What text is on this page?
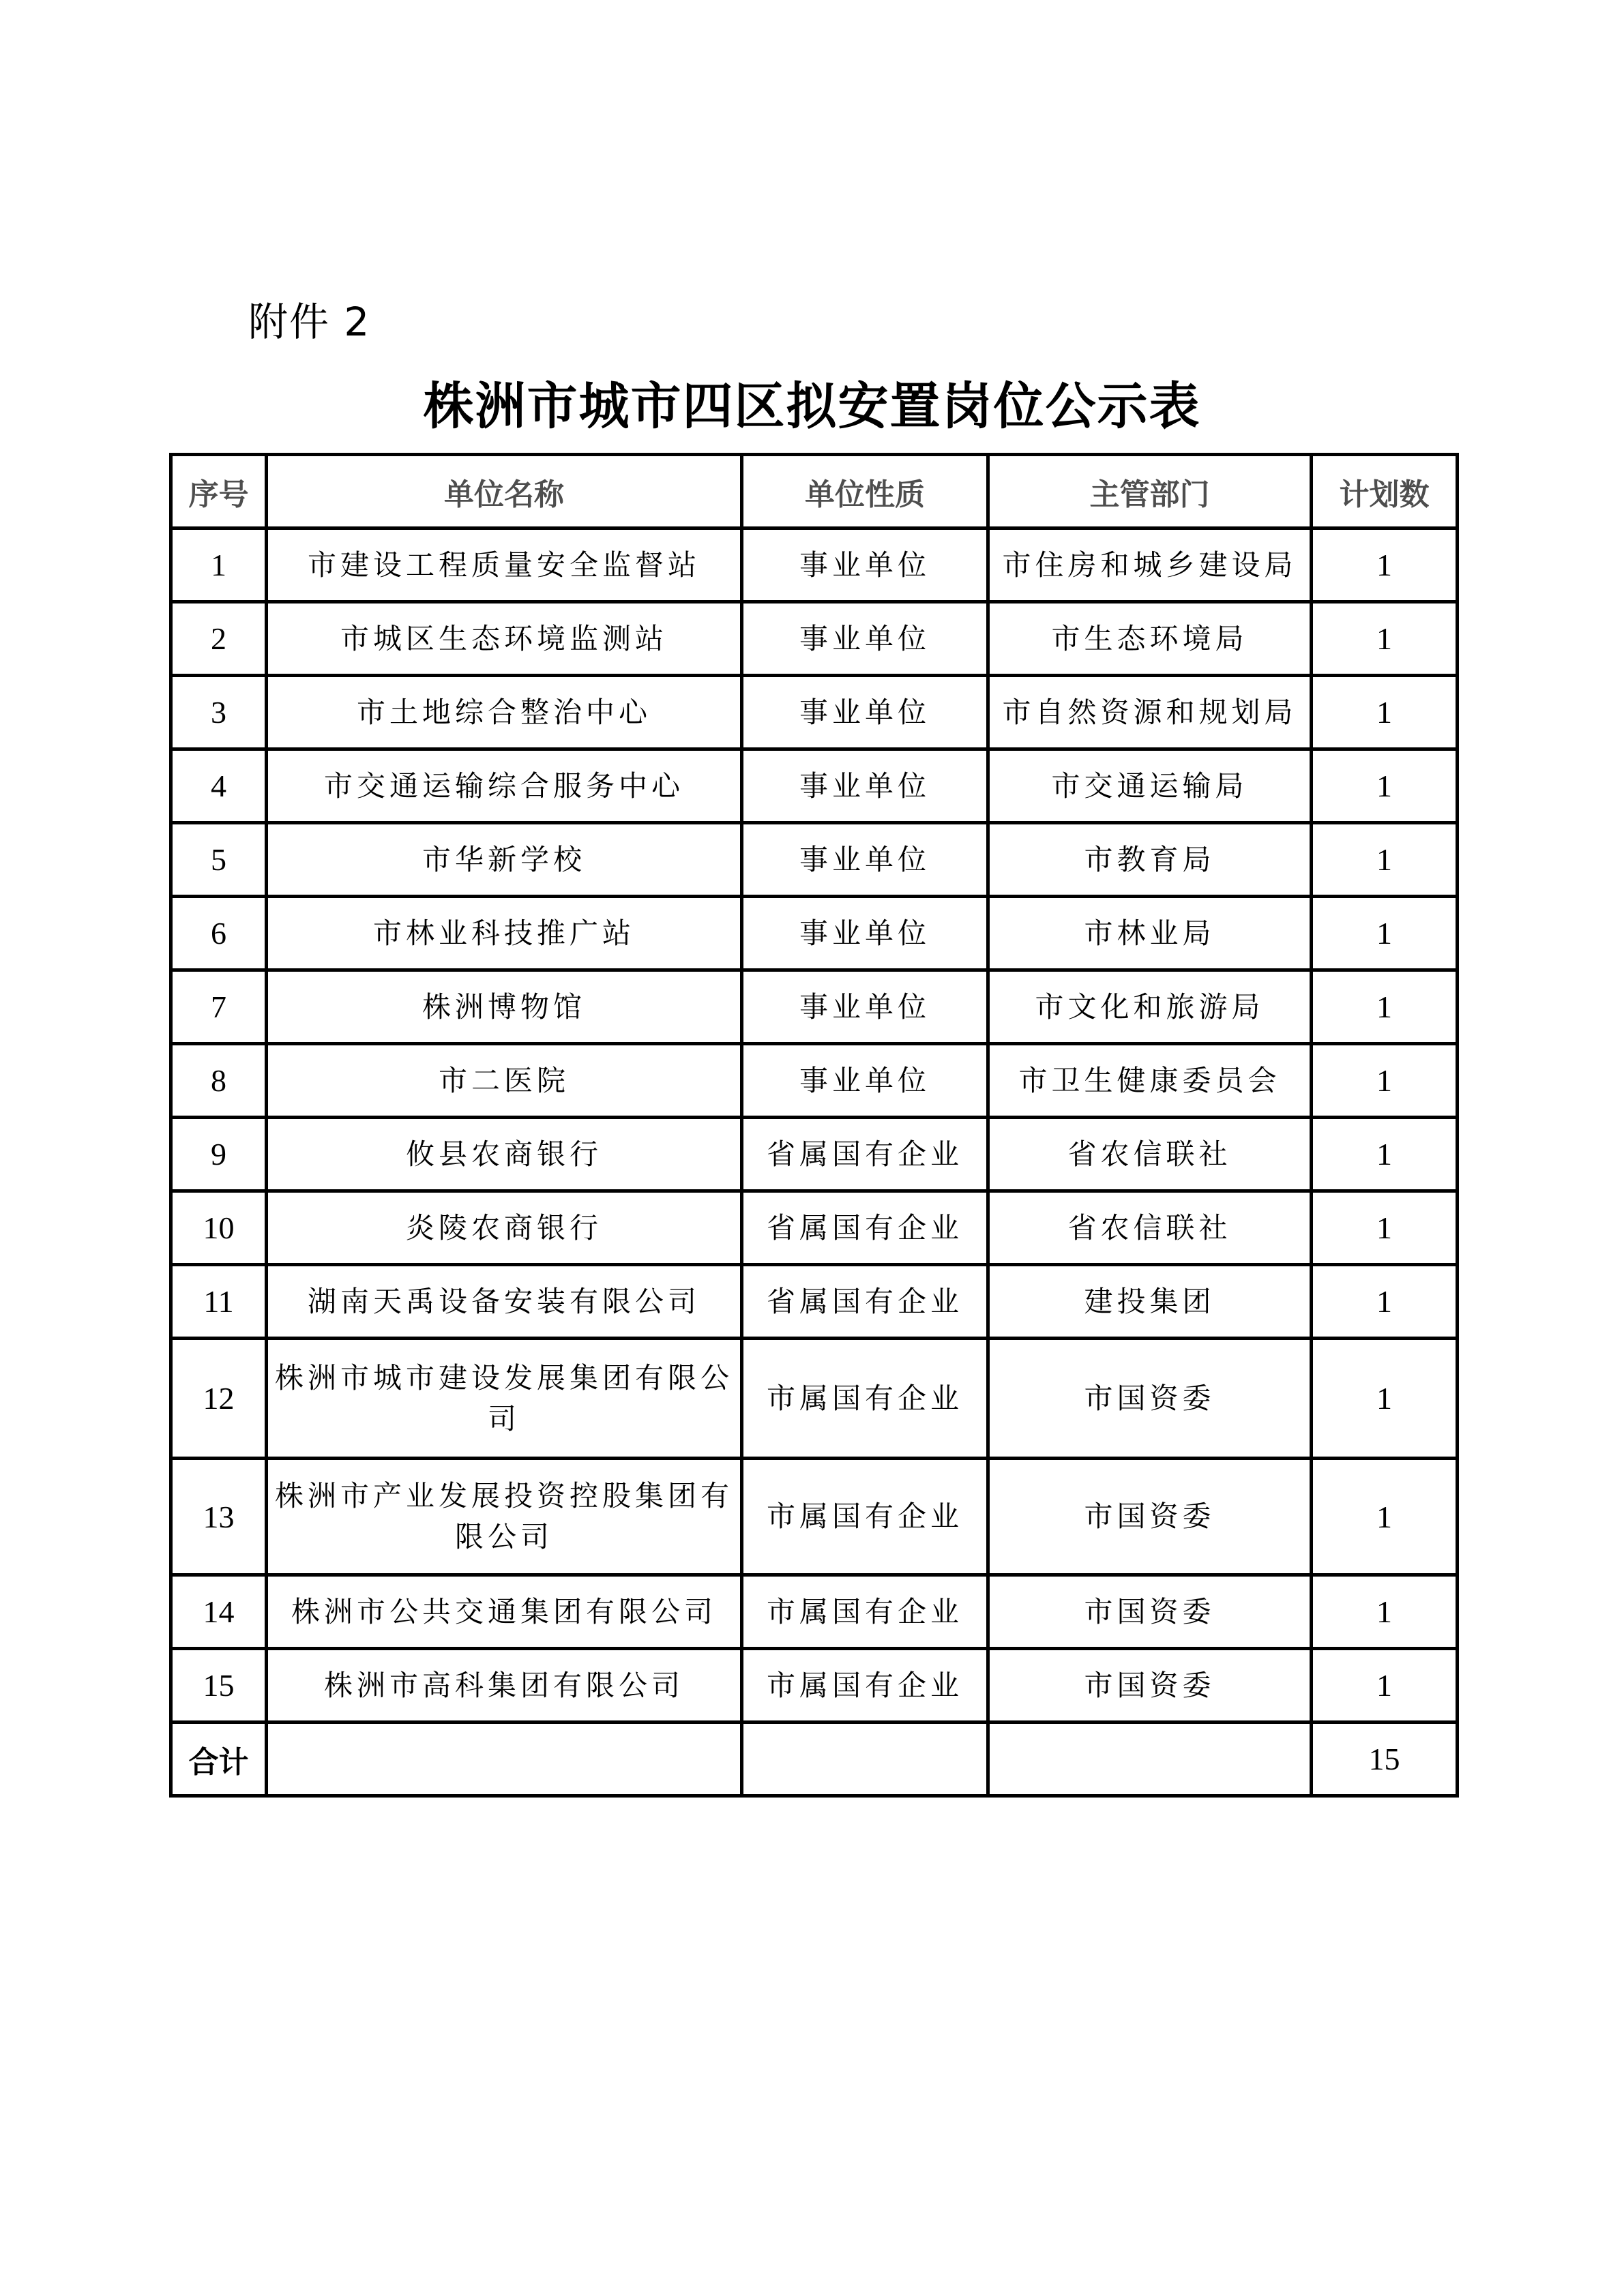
附件 2
株洲市城市四区拟安置岗位公示表
序号	单位名称	单位性质	主管部门	计划数
1	市建设工程质量安全监督站	事业单位	市住房和城乡建设局	1
2	市城区生态环境监测站	事业单位	市生态环境局	1
3	市土地综合整治中心	事业单位	市自然资源和规划局	1
4	市交通运输综合服务中心	事业单位	市交通运输局	1
5	市华新学校	事业单位	市教育局	1
6	市林业科技推广站	事业单位	市林业局	1
7	株洲博物馆	事业单位	市文化和旅游局	1
8	市二医院	事业单位	市卫生健康委员会	1
9	攸县农商银行	省属国有企业	省农信联社	1
10	炎陵农商银行	省属国有企业	省农信联社	1
11	湖南天禹设备安装有限公司	省属国有企业	建投集团	1
12	株洲市城市建设发展集团有限公司	市属国有企业	市国资委	1
13	株洲市产业发展投资控股集团有限公司	市属国有企业	市国资委	1
14	株洲市公共交通集团有限公司	市属国有企业	市国资委	1
15	株洲市高科集团有限公司	市属国有企业	市国资委	1
合计				15
